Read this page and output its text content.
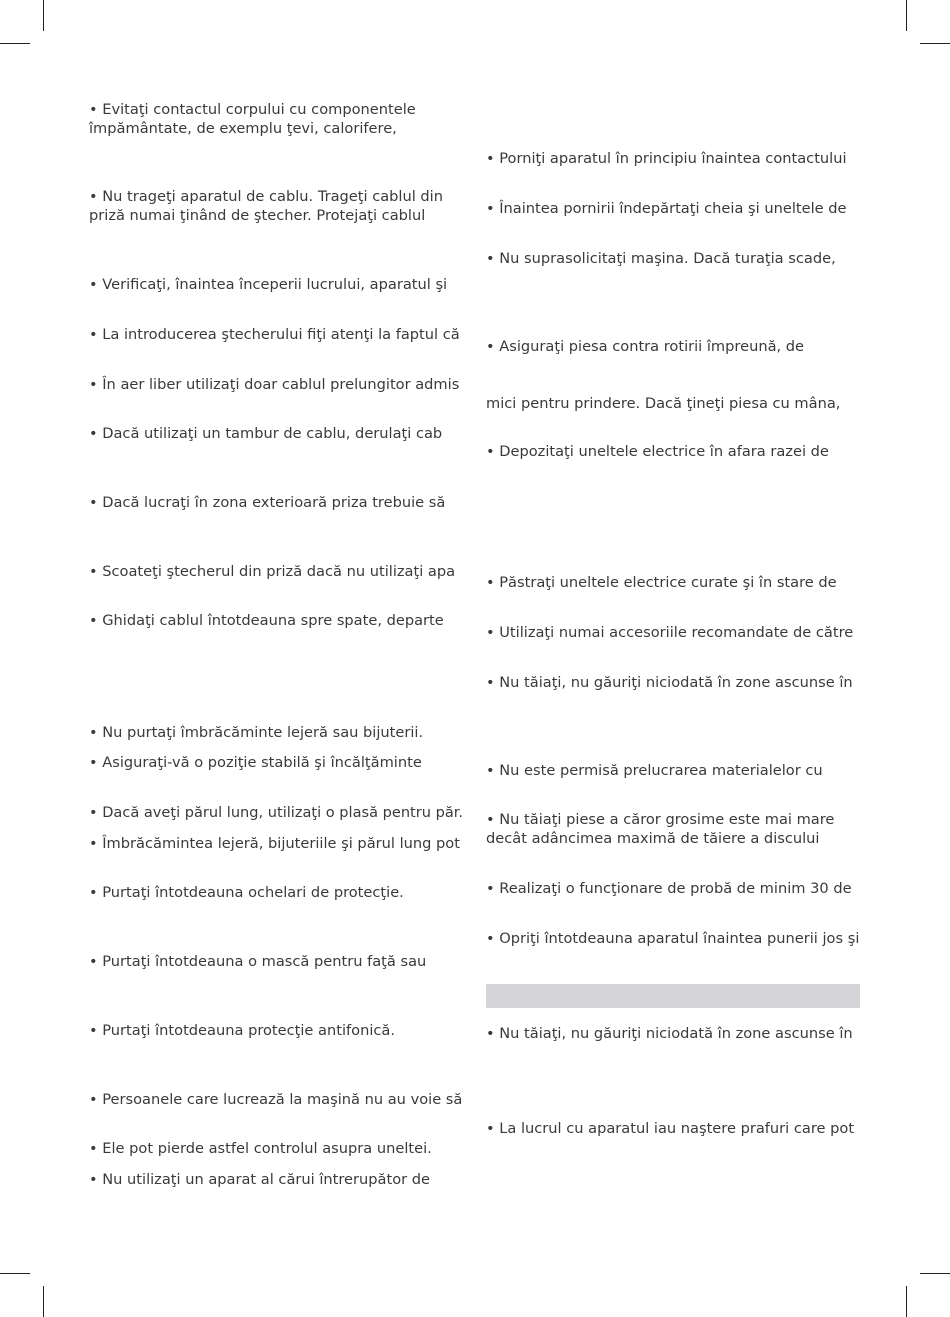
• Evitaţi contactul corpului cu componentele
împământate, de exemplu ţevi, calorifere,
• Nu trageţi aparatul de cablu. Trageţi cablul din
priză numai ţinând de ştecher. Protejaţi cablul
• Verificaţi, înaintea începerii lucrului, aparatul şi
• La introducerea ştecherului fiţi atenţi la faptul că
• În aer liber utilizaţi doar cablul prelungitor admis
• Dacă utilizaţi un tambur de cablu, derulaţi cab
• Dacă lucraţi în zona exterioară priza trebuie să
• Scoateţi ştecherul din priză dacă nu utilizaţi apa
• Ghidaţi cablul întotdeauna spre spate, departe
• Nu purtaţi îmbrăcăminte lejeră sau bijuterii.
• Asiguraţi-vă o poziţie stabilă şi încălţăminte
• Dacă aveţi părul lung, utilizaţi o plasă pentru păr.
• Îmbrăcămintea lejeră, bijuteriile şi părul lung pot
• Purtaţi întotdeauna ochelari de protecţie.
• Purtaţi întotdeauna o mască pentru faţă sau
• Purtaţi întotdeauna protecţie antifonică.
• Persoanele care lucrează la maşină nu au voie să
• Ele pot pierde astfel controlul asupra uneltei.
• Nu utilizaţi un aparat al cărui întrerupător de
• Porniţi aparatul în principiu înaintea contactului
• Înaintea pornirii îndepărtaţi cheia şi uneltele de
• Nu suprasolicitaţi maşina. Dacă turaţia scade,
• Asiguraţi piesa contra rotirii împreună, de
mici pentru prindere. Dacă ţineţi piesa cu mâna,
• Depozitaţi uneltele electrice în afara razei de
• Păstraţi uneltele electrice curate şi în stare de
• Utilizaţi numai accesoriile recomandate de către
• Nu tăiaţi, nu găuriţi niciodată în zone ascunse în
• Nu este permisă prelucrarea materialelor cu
• Nu tăiaţi piese a căror grosime este mai mare
decât adâncimea maximă de tăiere a discului
• Realizaţi o funcţionare de probă de minim 30 de
• Opriţi întotdeauna aparatul înaintea punerii jos şi
• Nu tăiaţi, nu găuriţi niciodată în zone ascunse în
• La lucrul cu aparatul iau naştere prafuri care pot
